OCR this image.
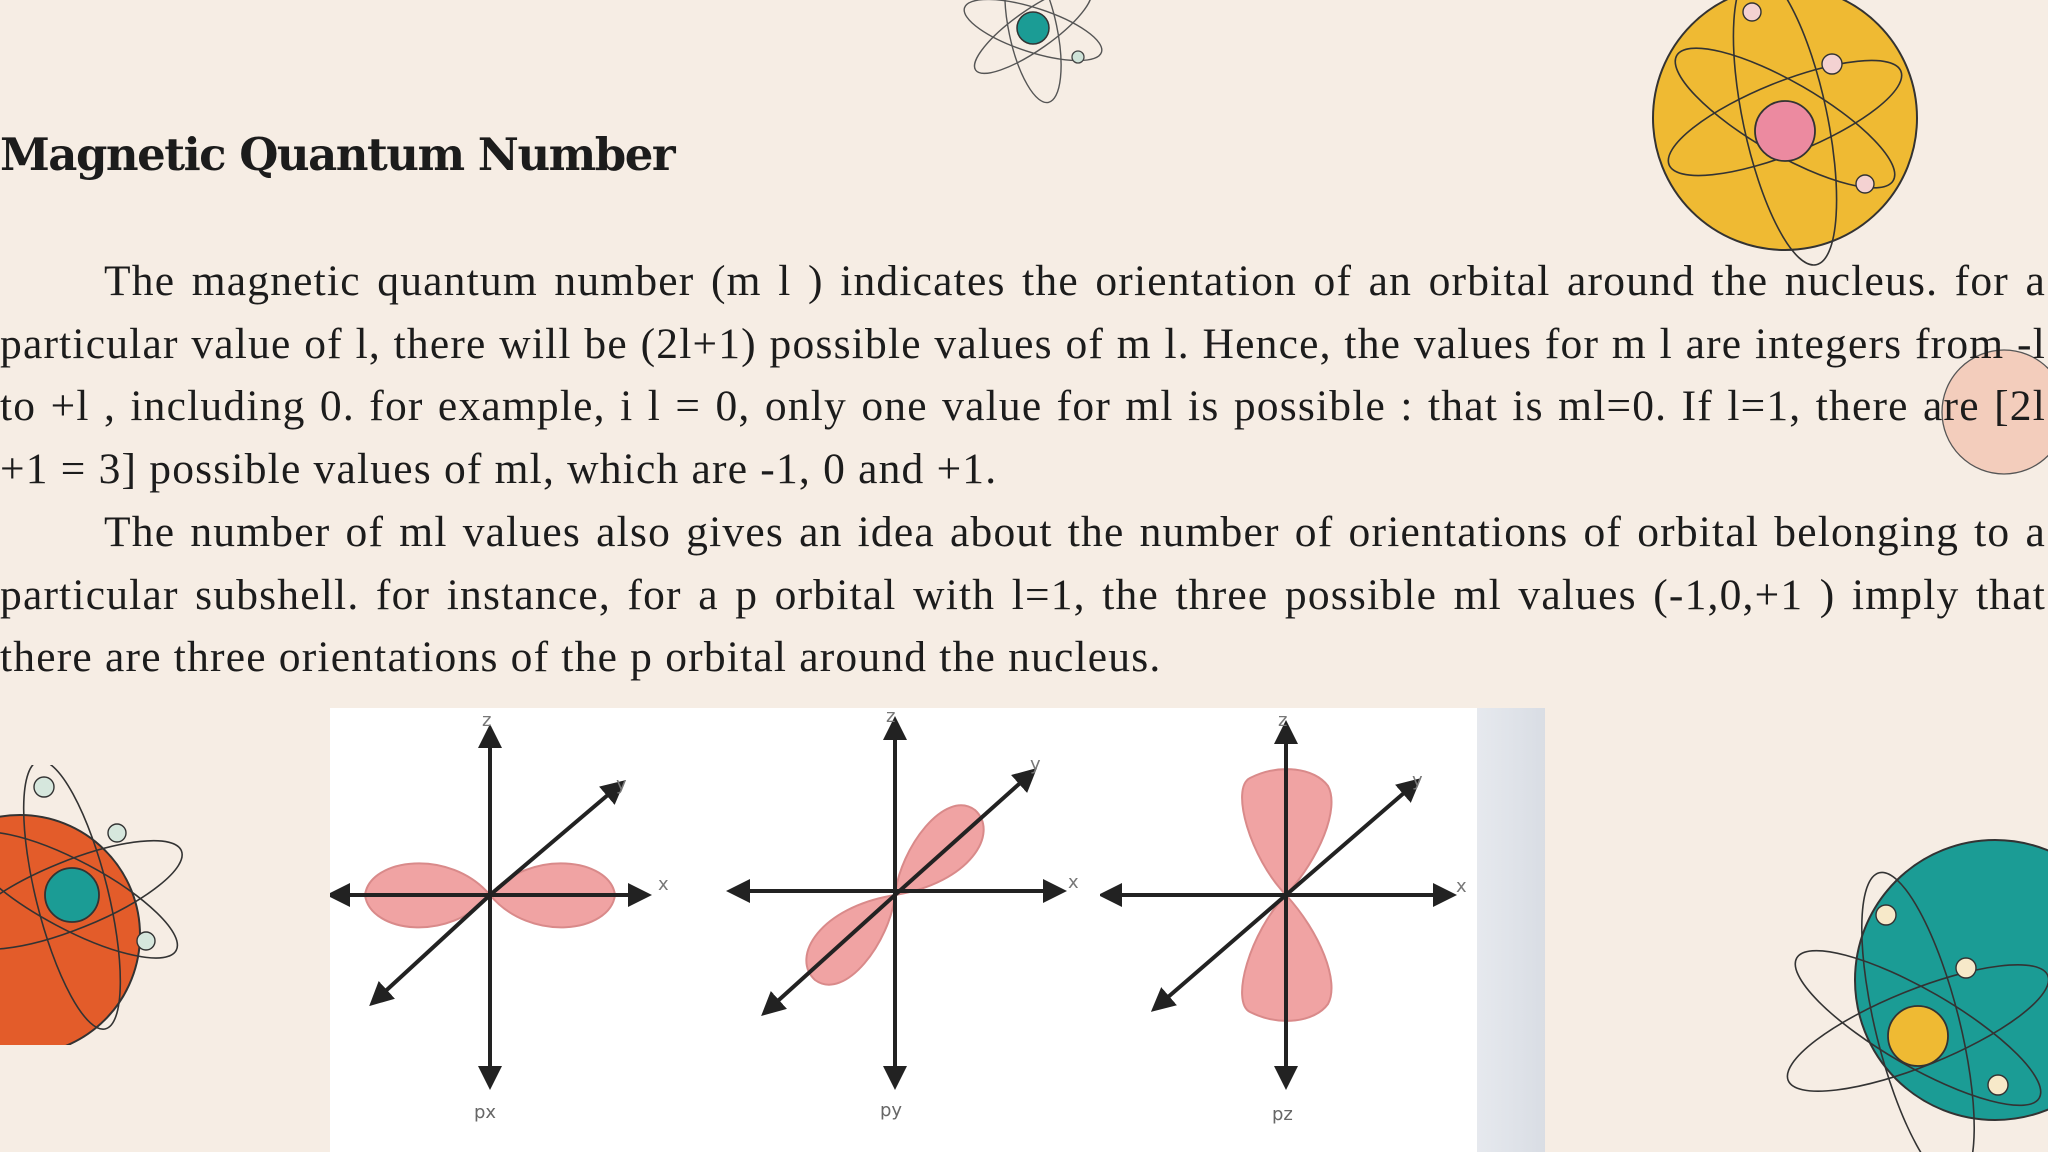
Magnetic Quantum Number

The magnetic quantum number (m l ) indicates the orientation of an orbital around the nucleus. for a particular value of l, there will be (2l+1) possible values of m l. Hence, the values for m l are integers from -l to +l , including 0. for example, i l = 0, only one value for ml is possible : that is ml=0. If l=1, there are [2l +1 = 3] possible values of ml, which are -1, 0 and +1.

The number of ml values also gives an idea about the number of orientations of orbital belonging to a particular subshell. for instance, for a p orbital with l=1, the three possible ml values (-1,0,+1 ) imply that there are three orientations of the p orbital around the nucleus.

z
y
x
px
z
y
x
py
z
y
x
pz
